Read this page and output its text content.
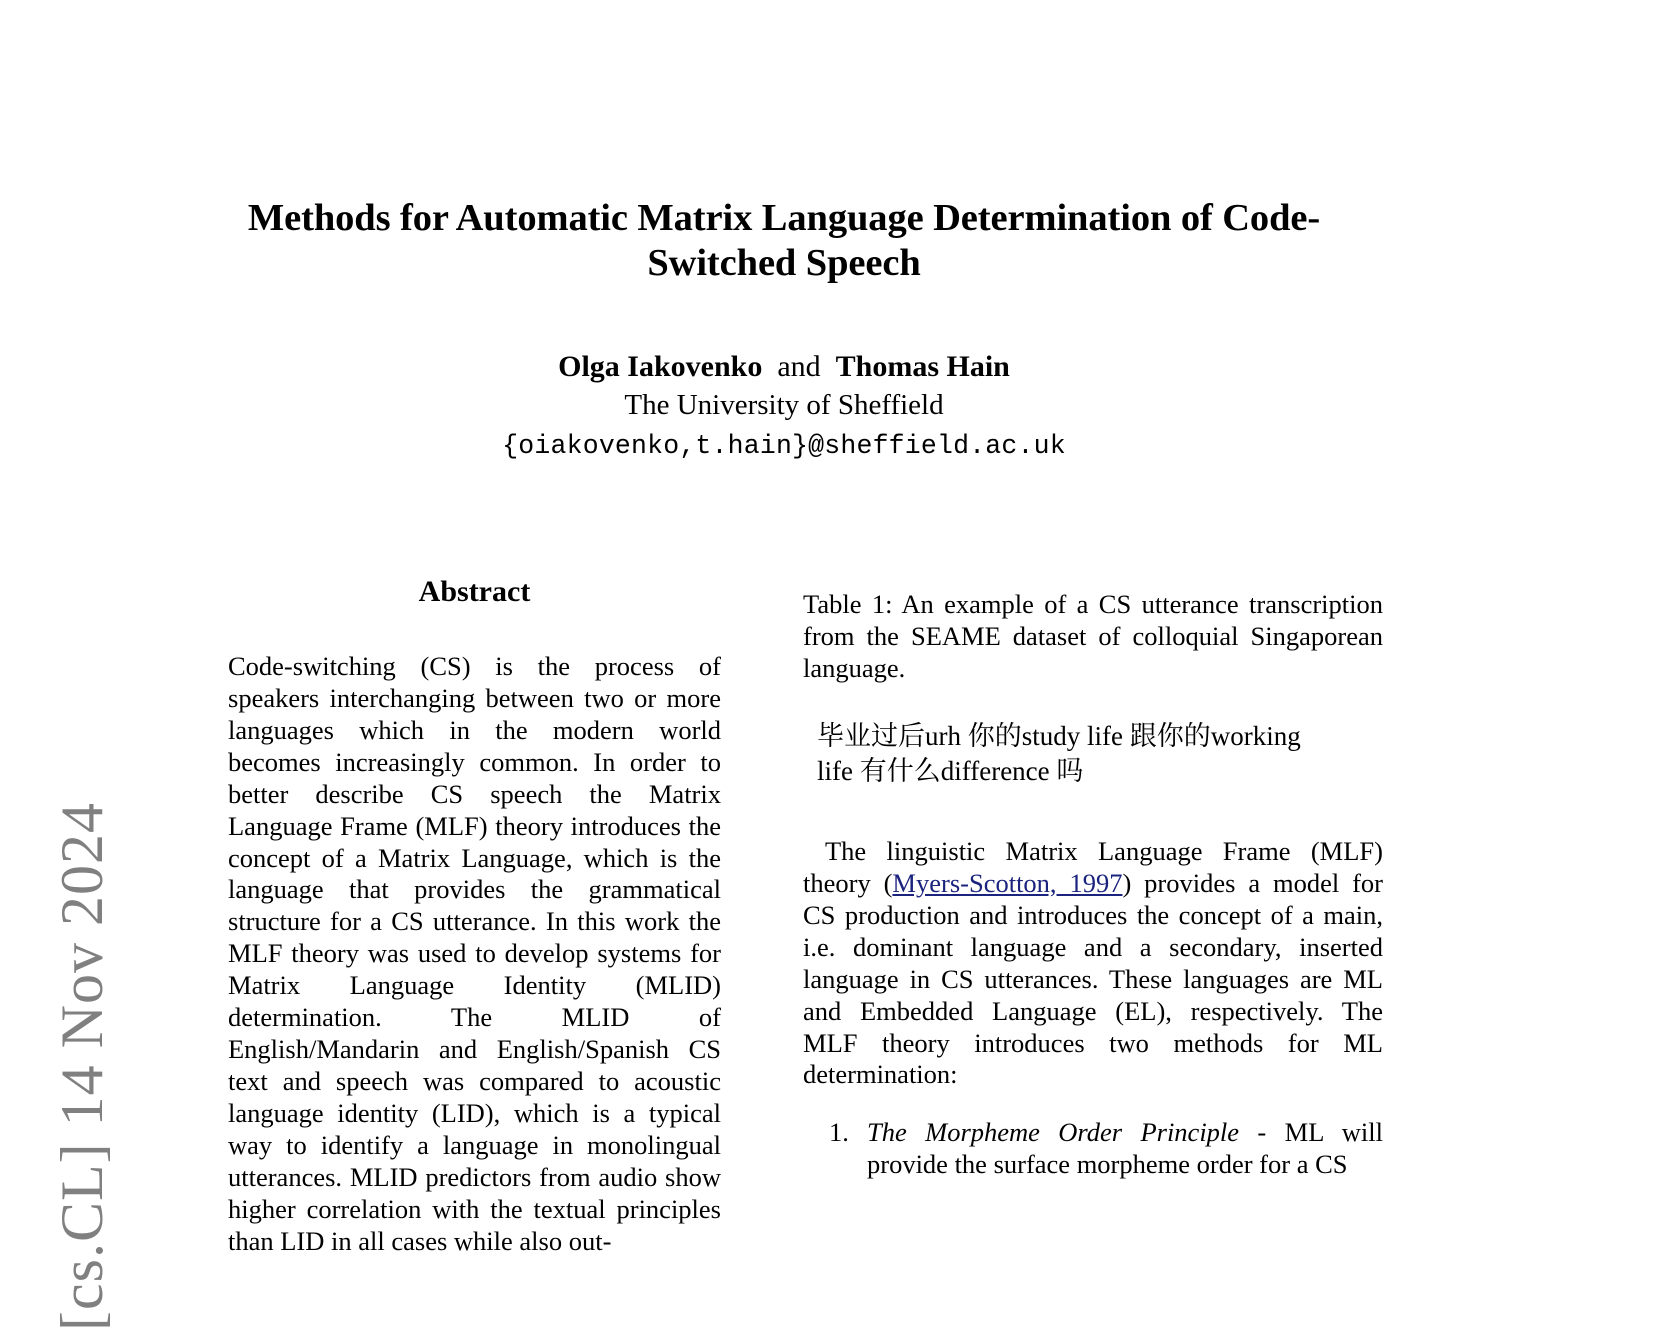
[cs.CL] 14 Nov 2024
Methods for Automatic Matrix Language Determination of Code-Switched Speech
Olga Iakovenko and Thomas Hain
The University of Sheffield
{oiakovenko,t.hain}@sheffield.ac.uk
Abstract
Code-switching (CS) is the process of speakers interchanging between two or more languages which in the modern world becomes increasingly common. In order to better describe CS speech the Matrix Language Frame (MLF) theory introduces the concept of a Matrix Language, which is the language that provides the grammatical structure for a CS utterance. In this work the MLF theory was used to develop systems for Matrix Language Identity (MLID) determination. The MLID of English/Mandarin and English/Spanish CS text and speech was compared to acoustic language identity (LID), which is a typical way to identify a language in monolingual utterances. MLID predictors from audio show higher correlation with the textual principles than LID in all cases while also out-
Table 1: An example of a CS utterance transcription from the SEAME dataset of colloquial Singaporean language.
毕业过后urh 你的study life 跟你的working
life 有什么difference 吗

The linguistic Matrix Language Frame (MLF) theory (Myers-Scotton, 1997) provides a model for CS production and introduces the concept of a main, i.e. dominant language and a secondary, inserted language in CS utterances. These languages are ML and Embedded Language (EL), respectively. The MLF theory introduces two methods for ML determination:

1. The Morpheme Order Principle - ML will provide the surface morpheme order for a CS
